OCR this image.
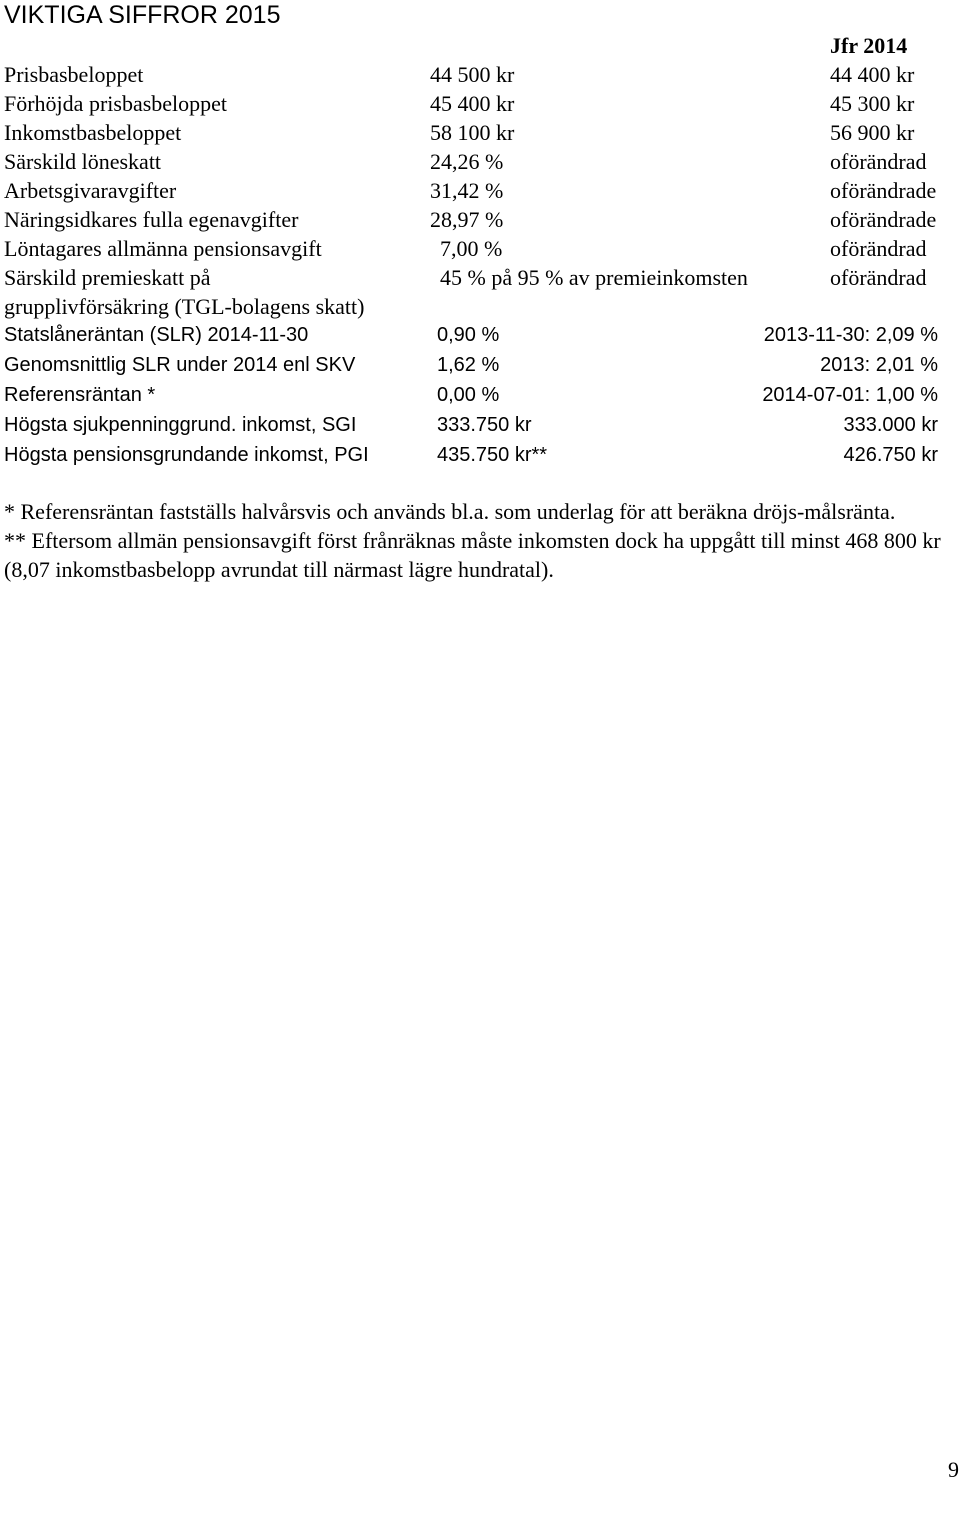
VIKTIGA SIFFROR 2015
Jfr 2014
Prisbasbeloppet	44 500 kr	44 400 kr
Förhöjda prisbasbeloppet	45 400 kr	45 300 kr
Inkomstbasbeloppet	58 100 kr	56 900 kr
Särskild löneskatt	24,26 %	oförändrad
Arbetsgivaravgifter	31,42 %	oförändrade
Näringsidkares fulla egenavgifter	28,97 %	oförändrade
Löntagares allmänna pensionsavgift	7,00 %	oförändrad
Särskild premieskatt på	45 % på 95 % av premieinkomsten	oförändrad
grupplivförsäkring (TGL-bolagens skatt)
Statslåneräntan (SLR) 2014-11-30	0,90 %	2013-11-30: 2,09 %
Genomsnittlig SLR under 2014 enl SKV	1,62 %	2013: 2,01 %
Referensräntan *	0,00 %	2014-07-01: 1,00 %
Högsta sjukpenninggrund. inkomst, SGI	333.750 kr	333.000 kr
Högsta pensionsgrundande inkomst, PGI	435.750 kr**	426.750 kr

* Referensräntan fastställs halvårsvis och används bl.a. som underlag för att beräkna dröjs-målsränta.

** Eftersom allmän pensionsavgift först frånräknas måste inkomsten dock ha uppgått till minst 468 800 kr (8,07 inkomstbasbelopp avrundat till närmast lägre hundratal).

9
